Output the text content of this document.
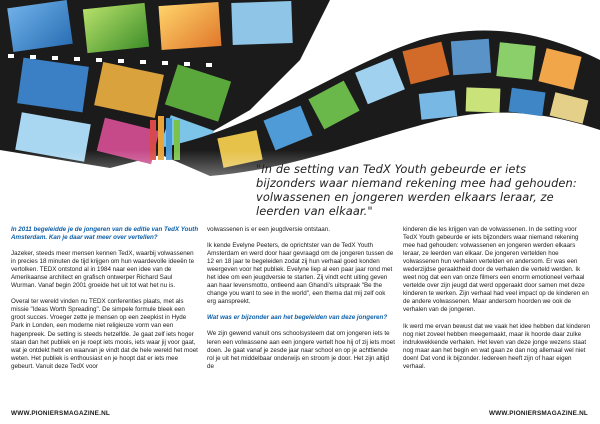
"In de setting van TedX Youth gebeurde er iets bijzonders waar niemand rekening mee had gehouden: volwassenen en jongeren werden elkaars leraar, ze leerden van elkaar."

In 2011 begeleidde je de jongeren van de editie van TedX Youth Amsterdam. Kan je daar wat meer over vertellen?

Jazeker, steeds meer mensen kennen TedX, waarbij volwassenen in precies 18 minuten de tijd krijgen om hun waardevolle ideeën te vertolken. TEDX ontstond al in 1984 naar een idee van de Amerikaanse architect en grafisch ontwerper Richard Saul Wurman. Vanaf begin 2001 groeide het uit tot wat het nu is.

Overal ter wereld vinden nu TEDX conferenties plaats, met als missie "Ideas Worth Spreading". De simpele formule bleek een groot succes. Vroeger zette je mensen op een zeepkist in Hyde Park in Londen, een moderne niet religieuze vorm van een hagenpreek. De setting is steeds hetzelfde. Je gaat zelf iets hoger staan dan het publiek en je roept iets moois, iets waar jij voor gaat, wat je ontdekt hebt en waarvan je vindt dat de hele wereld het moet weten. Het publiek is enthousiast en je hoopt dat er iets mee gebeurt. Vanuit deze TedX voor

volwassenen is er een jeugdversie ontstaan.

Ik kende Evelyne Peeters, de oprichtster van de TedX Youth Amsterdam en werd door haar gevraagd om de jongeren tussen de 12 en 18 jaar te begeleiden zodat zij hun verhaal goed konden weergeven voor het publiek. Evelyne liep al een paar jaar rond met het idee om een jeugdversie te starten. Zij vindt echt uiting geven aan haar levensmotto, ontleend aan Ghandi's uitspraak "Be the change you want to see in the world", een thema dat mij zelf ook erg aanspreekt.

Wat was er bijzonder aan het begeleiden van deze jongeren?

We zijn gewend vanuit ons schoolsysteem dat om jongeren iets te leren een volwassene aan een jongere vertelt hoe hij of zij iets moet doen. Je gaat vanaf je zesde jaar naar school en op je achttiende rol je uit het middelbaar onderwijs en stroom je door. Het zijn altijd de

kinderen die les krijgen van de volwassenen. In de setting voor TedX Youth gebeurde er iets bijzonders waar niemand rekening mee had gehouden: volwassenen en jongeren werden elkaars leraar, ze leerden van elkaar. De jongeren vertelden hoe volwassenen hun verhalen vertelden en andersom. Er was een wederzijdse geraaktheid door de verhalen die verteld werden. Ik weet nog dat een van onze filmers een enorm emotioneel verhaal vertelde over zijn jeugd dat werd opgeraakt door samen met deze kinderen te werken. Zijn verhaal had veel impact op de kinderen en de andere volwassenen. Maar andersom hoorden we ook de verhalen van de jongeren.

Ik werd me ervan bewust dat we vaak het idee hebben dat kinderen nog niet zoveel hebben meegemaakt, maar ik hoorde daar zulke indrukwekkende verhalen. Het leven van deze jonge wezens staat nog maar aan het begin en wat gaan ze dan nog allemaal wel niet doen! Dat vond ik bijzonder. Iedereen heeft zijn of haar eigen verhaal.

WWW.PIONIERSMAGAZINE.NL	WWW.PIONIERSMAGAZINE.NL
